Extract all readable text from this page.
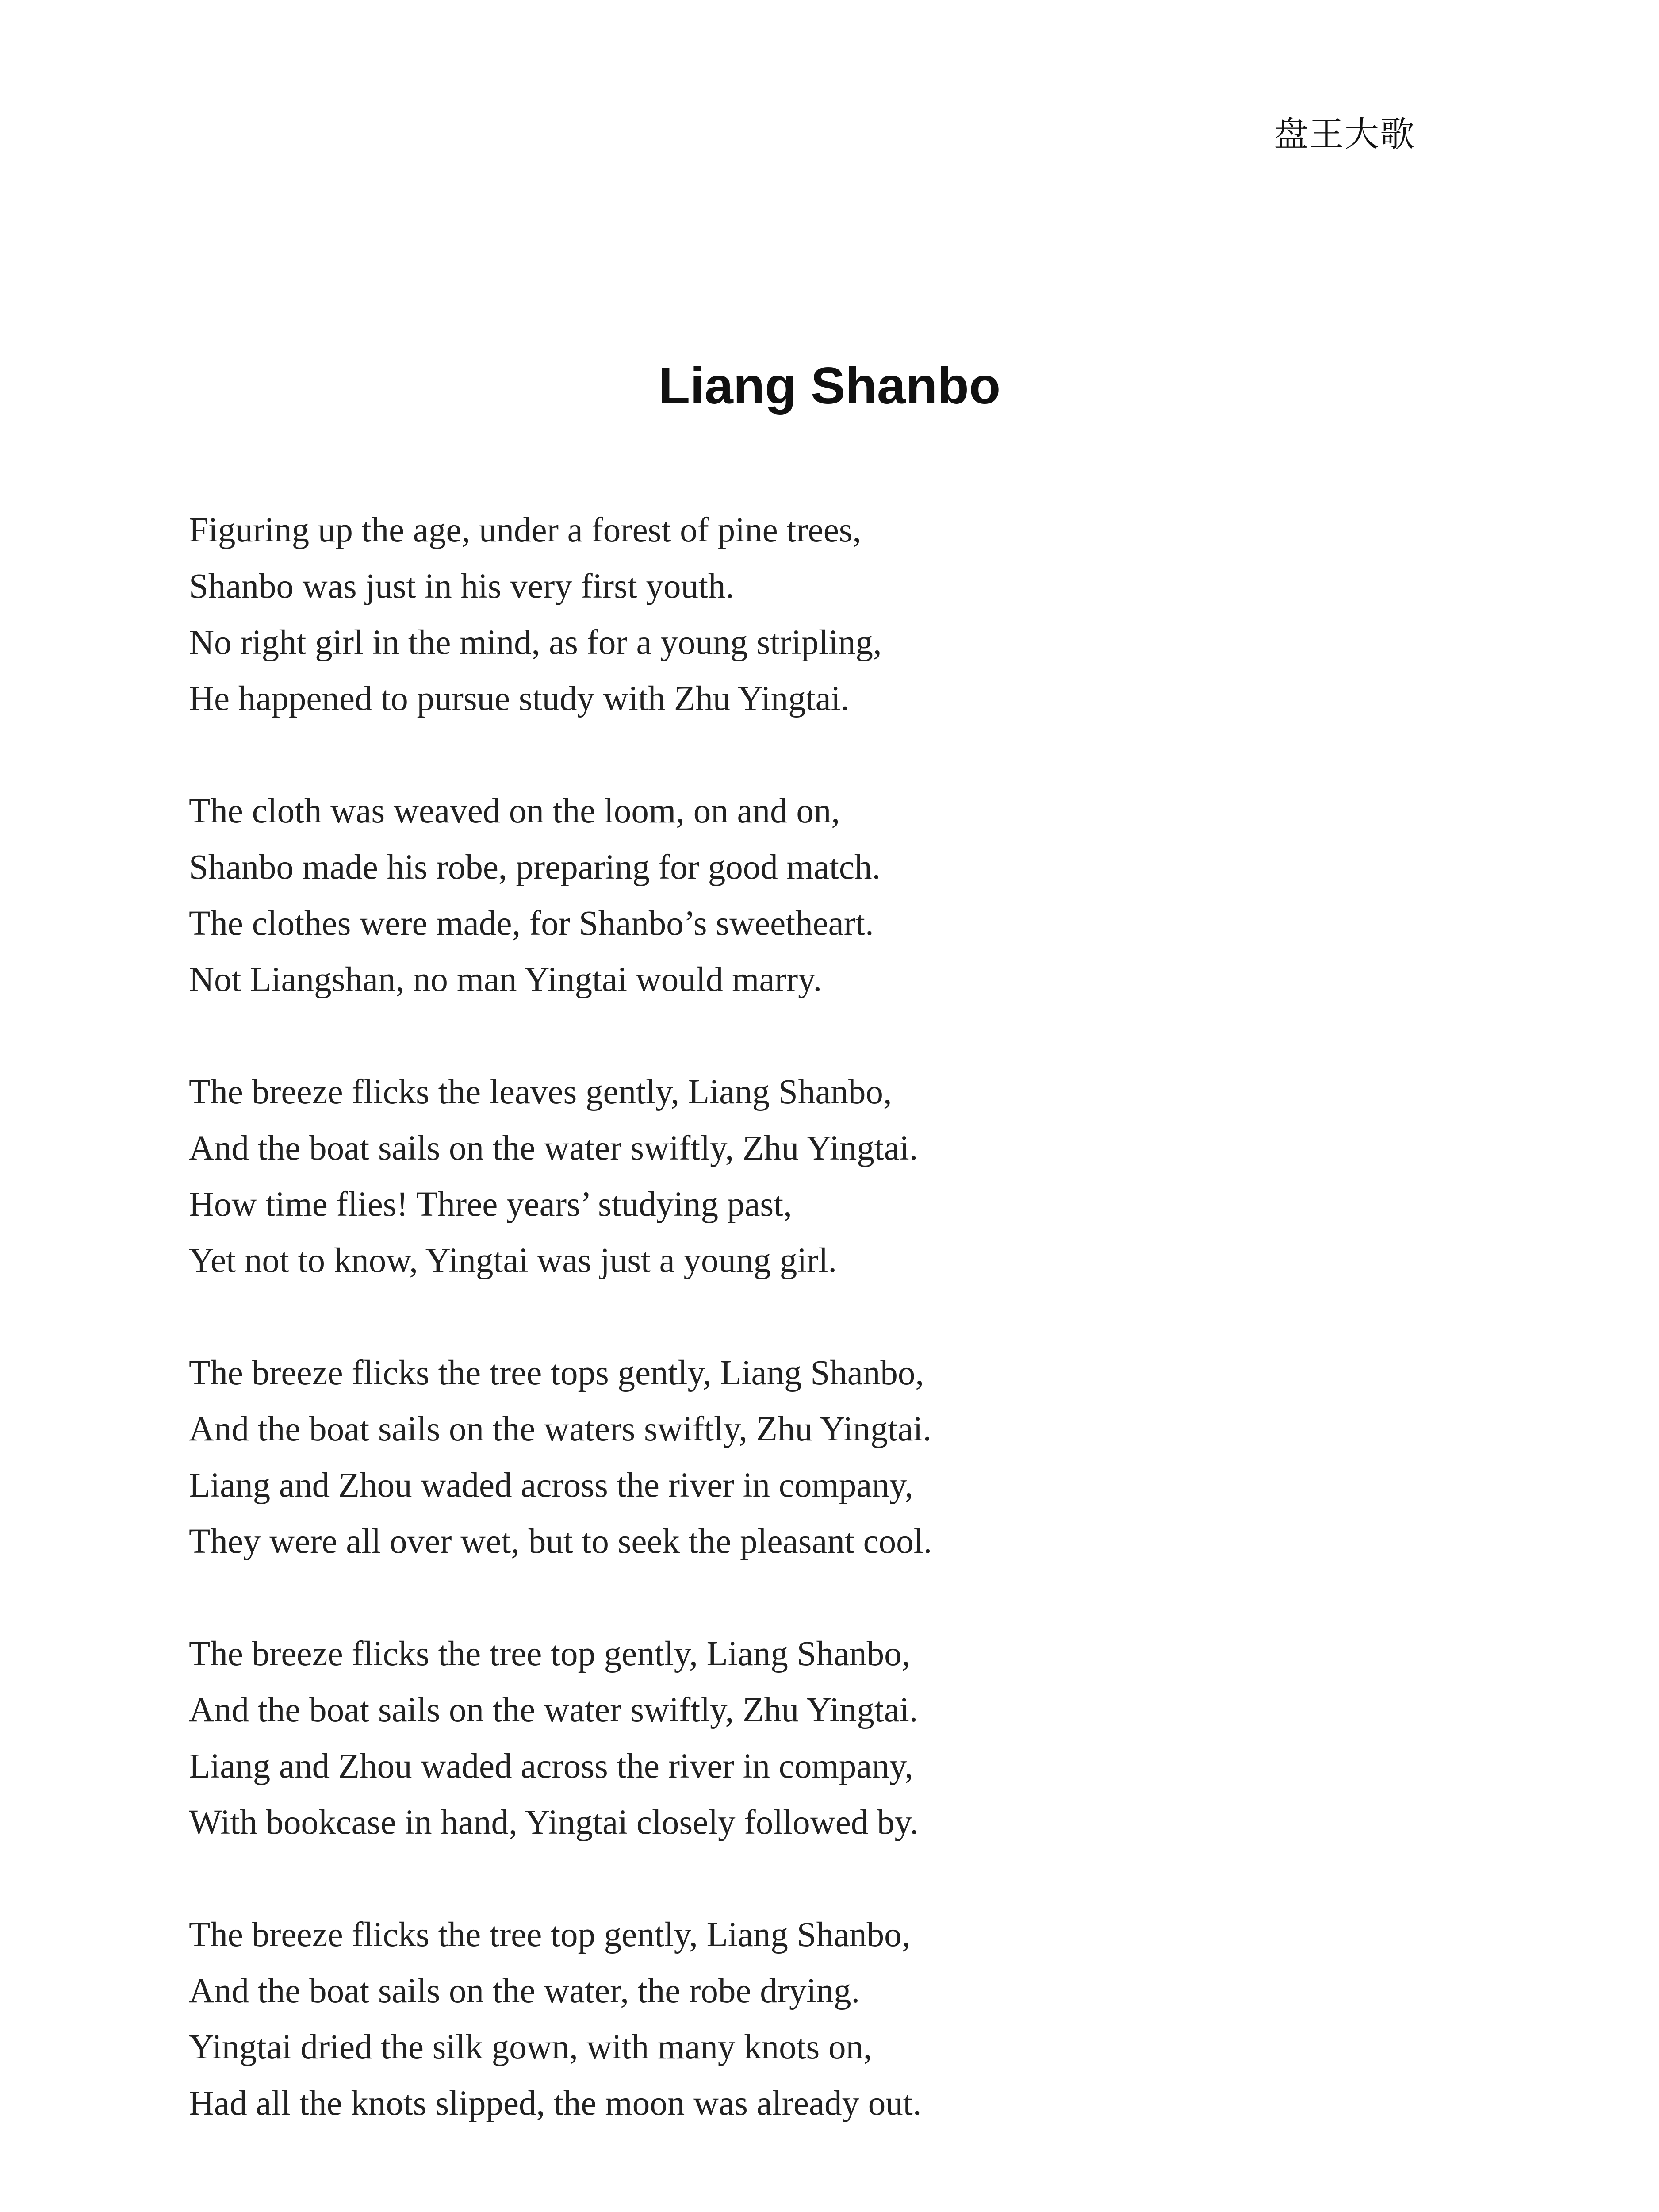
盘王大歌
Liang Shanbo
Figuring up the age, under a forest of pine trees,
Shanbo was just in his very first youth.
No right girl in the mind, as for a young stripling,
He happened to pursue study with Zhu Yingtai.
The cloth was weaved on the loom, on and on,
Shanbo made his robe, preparing for good match.
The clothes were made, for Shanbo’s sweetheart.
Not Liangshan, no man Yingtai would marry.
The breeze flicks the leaves gently, Liang Shanbo,
And the boat sails on the water swiftly, Zhu Yingtai.
How time flies! Three years’ studying past,
Yet not to know, Yingtai was just a young girl.
The breeze flicks the tree tops gently, Liang Shanbo,
And the boat sails on the waters swiftly, Zhu Yingtai.
Liang and Zhou waded across the river in company,
They were all over wet, but to seek the pleasant cool.
The breeze flicks the tree top gently, Liang Shanbo,
And the boat sails on the water swiftly, Zhu Yingtai.
Liang and Zhou waded across the river in company,
With bookcase in hand, Yingtai closely followed by.
The breeze flicks the tree top gently, Liang Shanbo,
And the boat sails on the water, the robe drying.
Yingtai dried the silk gown, with many knots on,
Had all the knots slipped, the moon was already out.
